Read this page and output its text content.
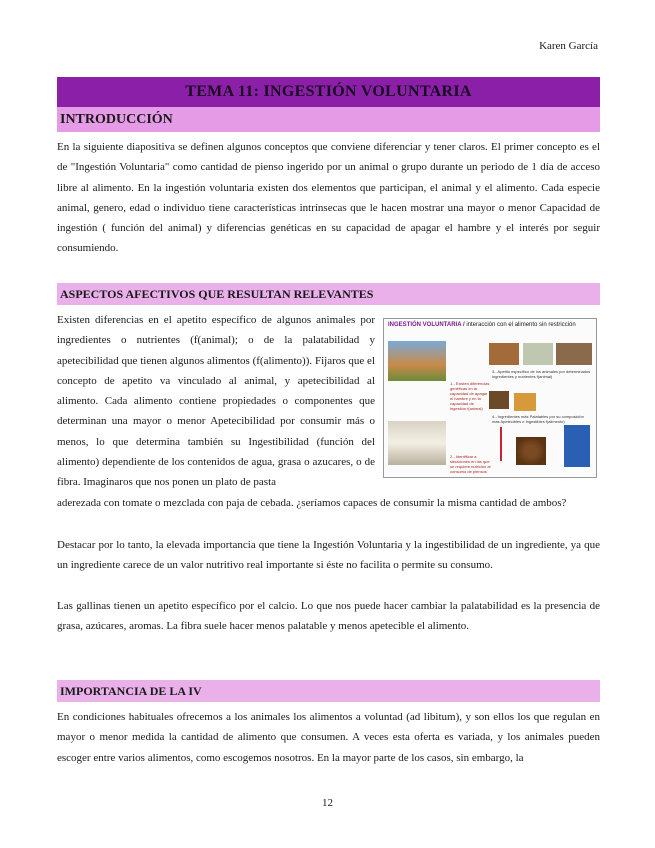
Karen García
TEMA 11: INGESTIÓN VOLUNTARIA
INTRODUCCIÓN

En la siguiente diapositiva se definen algunos conceptos que conviene diferenciar y tener claros. El primer concepto es el de "Ingestión Voluntaria" como cantidad de pienso ingerido por un animal o grupo durante un periodo de 1 día de acceso libre al alimento. En la ingestión voluntaria existen dos elementos que participan, el animal y el alimento. Cada especie animal, genero, edad o individuo tiene características intrínsecas que le hacen mostrar una mayor o menor Capacidad de ingestión ( función del animal) y diferencias genéticas en su capacidad de apagar el hambre y el interés por seguir consumiendo.

ASPECTOS AFECTIVOS QUE RESULTAN RELEVANTES

Existen diferencias en el apetito específico de algunos animales por ingredientes o nutrientes (f(animal); o de la palatabilidad y apetecibilidad que tienen algunos alimentos (f(alimento)). Fijaros que el concepto de apetito va vinculado al animal, y apetecibilidad al alimento. Cada alimento contiene propiedades o componentes que determinan una mayor o menor Apetecibilidad por consumir más o menos, lo que determina también su Ingestibilidad (función del alimento) dependiente de los contenidos de agua, grasa o azucares, o de fibra. Imaginaros que nos ponen un plato de pasta

INGESTIÓN VOLUNTARIA / interacción con el alimento sin restricción
3.- Apetito específico de los animales por determinados ingredientes y nutrientes f(animal)
1.- Existen diferencias genéticas en la capacidad de apagar el hambre y en la capacidad de ingestión f(animal)
4.- Ingredientes más Palatables por su composición más Apetecibles e Ingestibles f(alimento)
2.- Identificar a situaciones en las que se requiere nutrición al consumo de piensos

aderezada con tomate o mezclada con paja de cebada. ¿seríamos capaces de consumir la misma cantidad de ambos?

Destacar por lo tanto, la elevada importancia que tiene la Ingestión Voluntaria y la ingestibilidad de un ingrediente, ya que un ingrediente carece de un valor nutritivo real importante si éste no facilita o permite su consumo.

Las gallinas tienen un apetito específico por el calcio. Lo que nos puede hacer cambiar la palatabilidad es la presencia de grasa, azúcares, aromas. La fibra suele hacer menos palatable y menos apetecible el alimento.

IMPORTANCIA DE LA IV

En condiciones habituales ofrecemos a los animales los alimentos a voluntad (ad libitum), y son ellos los que regulan en mayor o menor medida la cantidad de alimento que consumen. A veces esta oferta es variada, y los animales pueden escoger entre varios alimentos, como escogemos nosotros. En la mayor parte de los casos, sin embargo, la

12
